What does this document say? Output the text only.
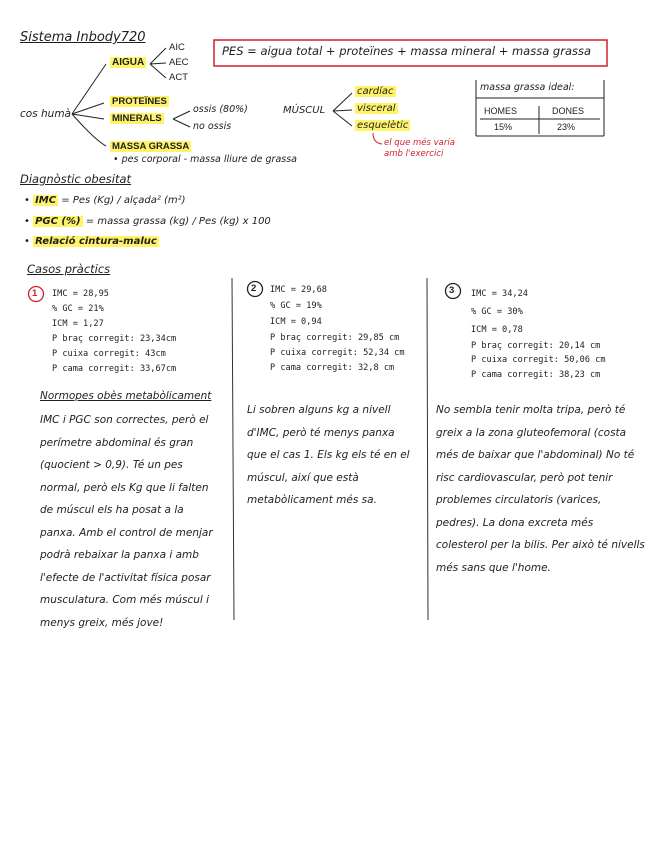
Sistema Inbody720
cos humà
AIGUA
AIC
AEC
ACT
PROTEÏNES
MINERALS
ossis (80%)
no ossis
MASSA GRASSA
• pes corporal - massa lliure de grassa
PES = aigua total + proteïnes + massa mineral + massa grassa
MÚSCUL
cardíac
visceral
esquelètic
el que més varia
amb l'exercici
massa grassa ideal:
HOMES	DONES
15%	23%
Diagnòstic obesitat
• IMC = Pes (Kg) / alçada² (m²)
• PGC (%) = massa grassa (kg) / Pes (kg) x 100
• Relació cintura-maluc
Casos pràctics
1 IMC = 28,95
% GC = 21%
ICM = 1,27
P braç corregit: 23,34cm
P cuixa corregit: 43cm
P cama corregit: 33,67cm
Normopes obès metabòlicament
IMC i PGC son correctes, però el perímetre abdominal és gran (quocient > 0,9). Té un pes normal, però els Kg que li falten de múscul els ha posat a la panxa. Amb el control de menjar podrà rebaixar la panxa i amb l'efecte de l'activitat física posar musculatura. Com més múscul i menys greix, més jove!
2 IMC = 29,68
% GC = 19%
ICM = 0,94
P braç corregit: 29,85 cm
P cuixa corregit: 52,34 cm
P cama corregit: 32,8 cm
Li sobren alguns kg a nivell d'IMC, però té menys panxa que el cas 1. Els kg els té en el múscul, així que està metabòlicament més sa.
3 IMC = 34,24
% GC = 30%
ICM = 0,78
P braç corregit: 20,14 cm
P cuixa corregit: 50,06 cm
P cama corregit: 38,23 cm
No sembla tenir molta tripa, però té greix a la zona gluteofemoral (costa més de baixar que l'abdominal) No té risc cardiovascular, però pot tenir problemes circulatoris (varices, pedres). La dona excreta més colesterol per la bilis. Per això té nivells més sans que l'home.
